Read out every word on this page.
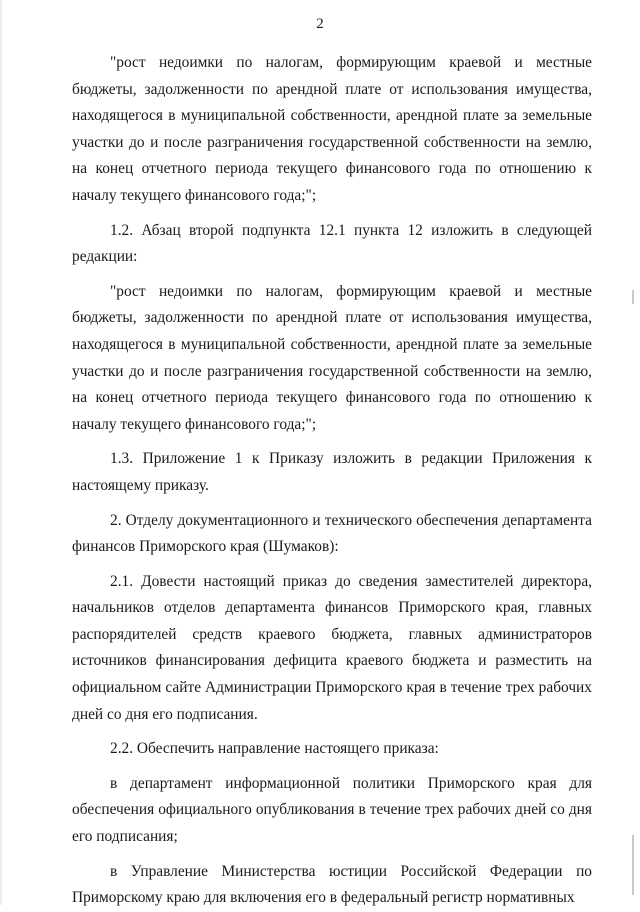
2

"рост недоимки по налогам, формирующим краевой и местные бюджеты, задолженности по арендной плате от использования имущества, находящегося в муниципальной собственности, арендной плате за земельные участки до и после разграничения государственной собственности на землю, на конец отчетного периода текущего финансового года по отношению к началу текущего финансового года;";

1.2. Абзац второй подпункта 12.1 пункта 12 изложить в следующей редакции:

"рост недоимки по налогам, формирующим краевой и местные бюджеты, задолженности по арендной плате от использования имущества, находящегося в муниципальной собственности, арендной плате за земельные участки до и после разграничения государственной собственности на землю, на конец отчетного периода текущего финансового года по отношению к началу текущего финансового года;";

1.3. Приложение 1 к Приказу изложить в редакции Приложения к настоящему приказу.

2. Отделу документационного и технического обеспечения департамента финансов Приморского края (Шумаков):

2.1. Довести настоящий приказ до сведения заместителей директора, начальников отделов департамента финансов Приморского края, главных распорядителей средств краевого бюджета, главных администраторов источников финансирования дефицита краевого бюджета и разместить на официальном сайте Администрации Приморского края в течение трех рабочих дней со дня его подписания.

2.2. Обеспечить направление настоящего приказа:

в департамент информационной политики Приморского края для обеспечения официального опубликования в течение трех рабочих дней со дня его подписания;

в Управление Министерства юстиции Российской Федерации по Приморскому краю для включения его в федеральный регистр нормативных
